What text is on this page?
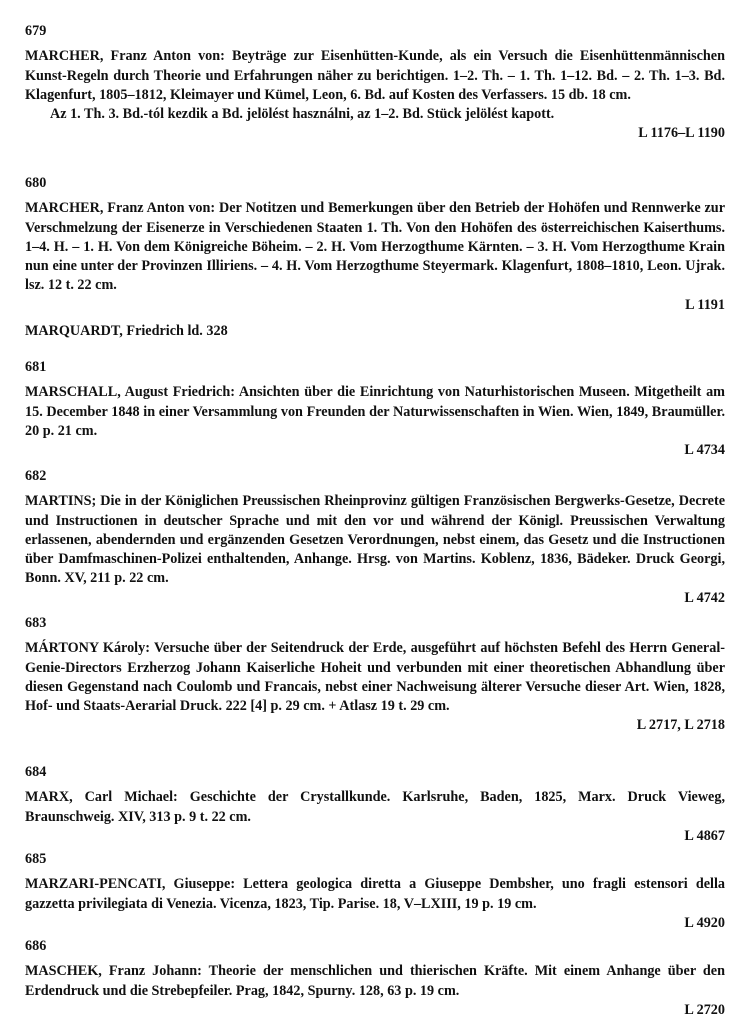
679
MARCHER, Franz Anton von: Beyträge zur Eisenhütten-Kunde, als ein Versuch die Eisenhüttenmännischen Kunst-Regeln durch Theorie und Erfahrungen näher zu berichtigen. 1–2. Th. – 1. Th. 1–12. Bd. – 2. Th. 1–3. Bd. Klagenfurt, 1805–1812, Kleimayer und Kümel, Leon, 6. Bd. auf Kosten des Verfassers. 15 db. 18 cm.
Az 1. Th. 3. Bd.-tól kezdik a Bd. jelölést használni, az 1–2. Bd. Stück jelölést kapott.
L 1176–L 1190
680
MARCHER, Franz Anton von: Der Notitzen und Bemerkungen über den Betrieb der Hohöfen und Rennwerke zur Verschmelzung der Eisenerze in Verschiedenen Staaten 1. Th. Von den Hohöfen des österreichischen Kaiserthums. 1–4. H. – 1. H. Von dem Königreiche Böheim. – 2. H. Vom Herzogthume Kärnten. – 3. H. Vom Herzogthume Krain nun eine unter der Provinzen Illiriens. – 4. H. Vom Herzogthume Steyermark. Klagenfurt, 1808–1810, Leon. Ujrak. lsz. 12 t. 22 cm.
L 1191
MARQUARDT, Friedrich ld. 328
681
MARSCHALL, August Friedrich: Ansichten über die Einrichtung von Naturhistorischen Museen. Mitgetheilt am 15. December 1848 in einer Versammlung von Freunden der Naturwissenschaften in Wien. Wien, 1849, Braumüller. 20 p. 21 cm.
L 4734
682
MARTINS; Die in der Königlichen Preussischen Rheinprovinz gültigen Französischen Bergwerks-Gesetze, Decrete und Instructionen in deutscher Sprache und mit den vor und während der Königl. Preussischen Verwaltung erlassenen, abendernden und ergänzenden Gesetzen Verordnungen, nebst einem, das Gesetz und die Instructionen über Damfmaschinen-Polizei enthaltenden, Anhange. Hrsg. von Martins. Koblenz, 1836, Bädeker. Druck Georgi, Bonn. XV, 211 p. 22 cm.
L 4742
683
MÁRTONY Károly: Versuche über der Seitendruck der Erde, ausgeführt auf höchsten Befehl des Herrn General-Genie-Directors Erzherzog Johann Kaiserliche Hoheit und verbunden mit einer theoretischen Abhandlung über diesen Gegenstand nach Coulomb und Francais, nebst einer Nachweisung älterer Versuche dieser Art. Wien, 1828, Hof- und Staats-Aerarial Druck. 222 [4] p. 29 cm. + Atlasz 19 t. 29 cm.
L 2717, L 2718
684
MARX, Carl Michael: Geschichte der Crystallkunde. Karlsruhe, Baden, 1825, Marx. Druck Vieweg, Braunschweig. XIV, 313 p. 9 t. 22 cm.
L 4867
685
MARZARI-PENCATI, Giuseppe: Lettera geologica diretta a Giuseppe Dembsher, uno fragli estensori della gazzetta privilegiata di Venezia. Vicenza, 1823, Tip. Parise. 18, V–LXIII, 19 p. 19 cm.
L 4920
686
MASCHEK, Franz Johann: Theorie der menschlichen und thierischen Kräfte. Mit einem Anhange über den Erdendruck und die Strebepfeiler. Prag, 1842, Spurny. 128, 63 p. 19 cm.
L 2720
